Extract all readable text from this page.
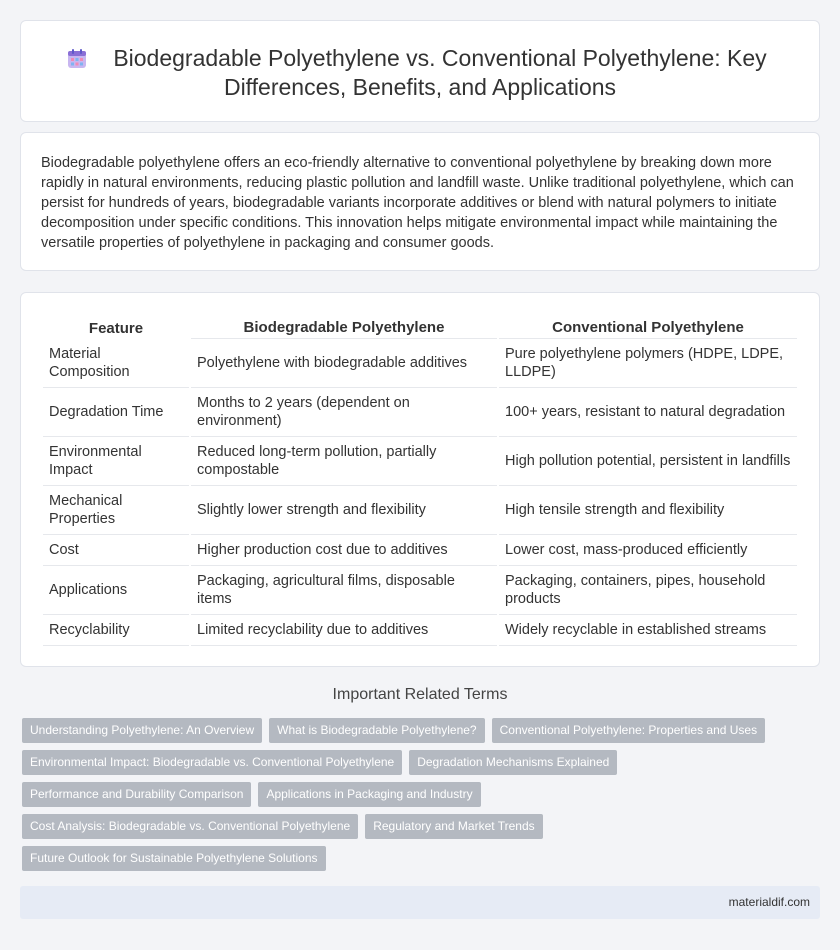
Biodegradable Polyethylene vs. Conventional Polyethylene: Key
Differences, Benefits, and Applications

Biodegradable polyethylene offers an eco-friendly alternative to conventional polyethylene by breaking down more rapidly in natural environments, reducing plastic pollution and landfill waste. Unlike traditional polyethylene, which can persist for hundreds of years, biodegradable variants incorporate additives or blend with natural polymers to initiate decomposition under specific conditions. This innovation helps mitigate environmental impact while maintaining the versatile properties of polyethylene in packaging and consumer goods.

Feature	Biodegradable Polyethylene	Conventional Polyethylene
Material Composition	Polyethylene with biodegradable additives	Pure polyethylene polymers (HDPE, LDPE, LLDPE)
Degradation Time	Months to 2 years (dependent on environment)	100+ years, resistant to natural degradation
Environmental Impact	Reduced long-term pollution, partially compostable	High pollution potential, persistent in landfills
Mechanical Properties	Slightly lower strength and flexibility	High tensile strength and flexibility
Cost	Higher production cost due to additives	Lower cost, mass-produced efficiently
Applications	Packaging, agricultural films, disposable items	Packaging, containers, pipes, household products
Recyclability	Limited recyclability due to additives	Widely recyclable in established streams
Important Related Terms
Understanding Polyethylene: An Overview	What is Biodegradable Polyethylene?	Conventional Polyethylene: Properties and Uses
Environmental Impact: Biodegradable vs. Conventional Polyethylene	Degradation Mechanisms Explained
Performance and Durability Comparison	Applications in Packaging and Industry
Cost Analysis: Biodegradable vs. Conventional Polyethylene	Regulatory and Market Trends
Future Outlook for Sustainable Polyethylene Solutions
materialdif.com
